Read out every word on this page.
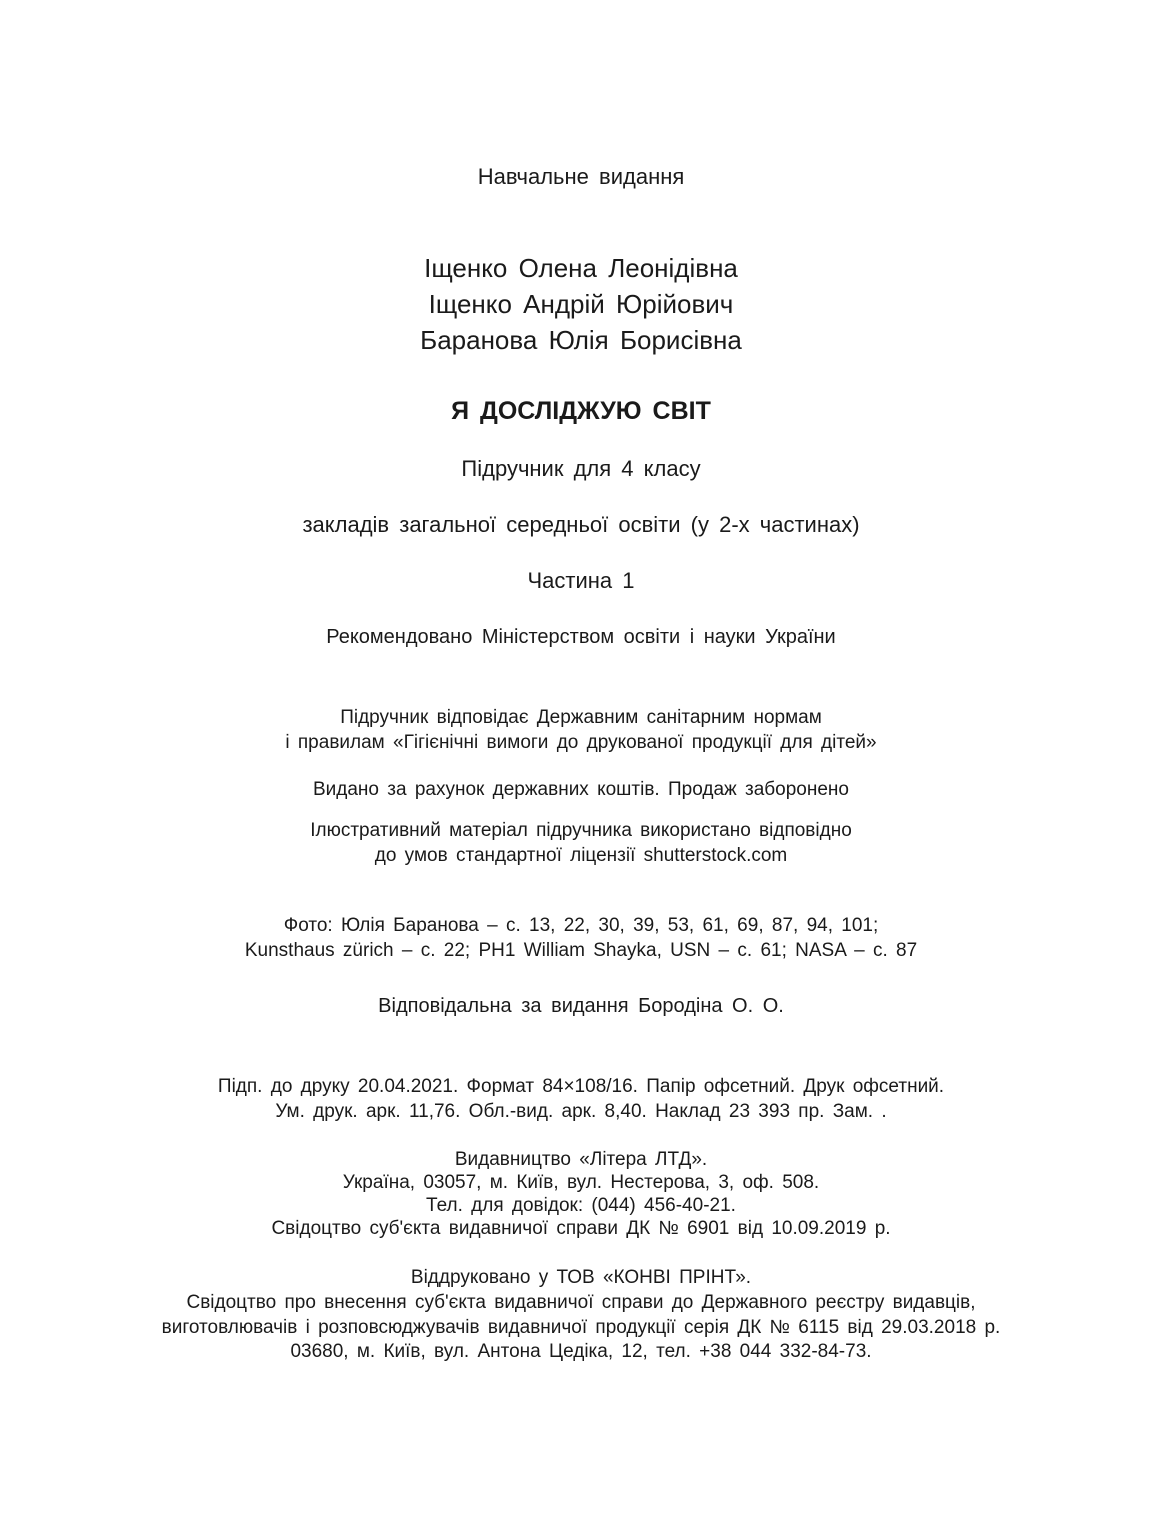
Навчальне видання
Іщенко Олена Леонідівна
Іщенко Андрій Юрійович
Баранова Юлія Борисівна
Я ДОСЛІДЖУЮ СВІТ
Підручник для 4 класу
закладів загальної середньої освіти (у 2-х частинах)
Частина 1
Рекомендовано Міністерством освіти і науки України
Підручник відповідає Державним санітарним нормам
і правилам «Гігієнічні вимоги до друкованої продукції для дітей»
Видано за рахунок державних коштів. Продаж заборонено
Ілюстративний матеріал підручника використано відповідно
до умов стандартної ліцензії shutterstock.com
Фото: Юлія Баранова – с. 13, 22, 30, 39, 53, 61, 69, 87, 94, 101;
Kunsthaus zürich – с. 22; PH1 William Shayka, USN – с. 61; NASA – с. 87
Відповідальна за видання Бородіна О. О.
Підп. до друку 20.04.2021. Формат 84×108/16. Папір офсетний. Друк офсетний.
Ум. друк. арк. 11,76. Обл.-вид. арк. 8,40. Наклад 23 393 пр. Зам. .
Видавництво «Літера ЛТД».
Україна, 03057, м. Київ, вул. Нестерова, 3, оф. 508.
Тел. для довідок: (044) 456-40-21.
Свідоцтво суб'єкта видавничої справи ДК № 6901 від 10.09.2019 р.
Віддруковано у ТОВ «КОНВІ ПРІНТ».
Свідоцтво про внесення суб'єкта видавничої справи до Державного реєстру видавців,
виготовлювачів і розповсюджувачів видавничої продукції серія ДК № 6115 від 29.03.2018 р.
03680, м. Київ, вул. Антона Цедіка, 12, тел. +38 044 332-84-73.
